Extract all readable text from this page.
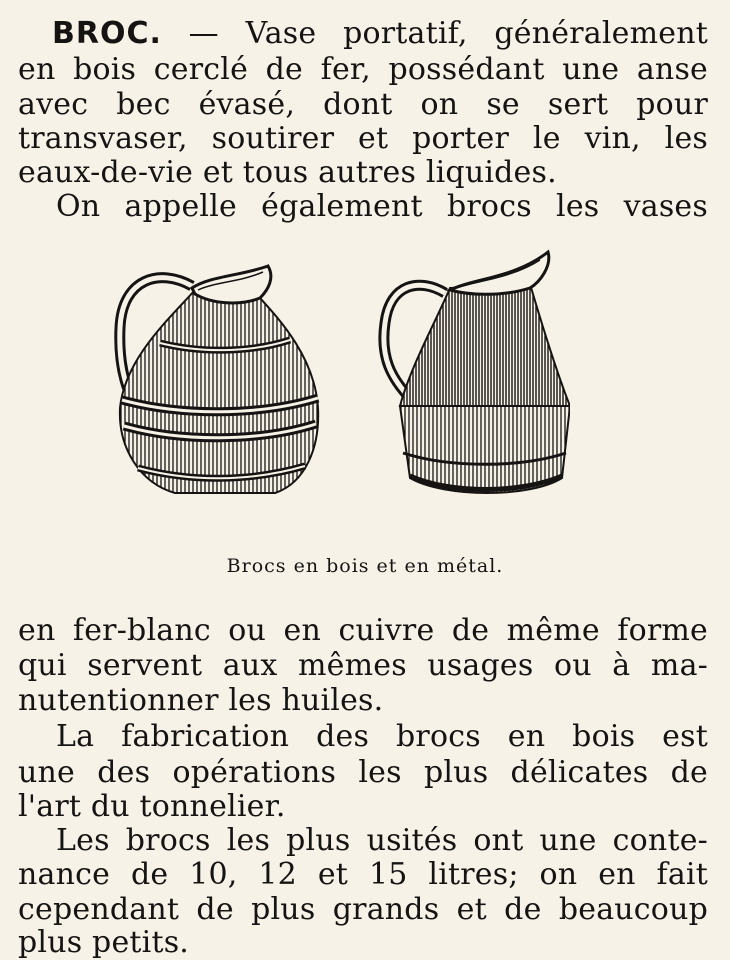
BROC. — Vase portatif, généralement
en bois cerclé de fer, possédant une anse
avec bec évasé, dont on se sert pour
transvaser, soutirer et porter le vin, les
eaux-de-vie et tous autres liquides.
On appelle également brocs les vases
Brocs en bois et en métal.
en fer-blanc ou en cuivre de même forme
qui servent aux mêmes usages ou à ma-
nutentionner les huiles.
La fabrication des brocs en bois est
une des opérations les plus délicates de
l'art du tonnelier.
Les brocs les plus usités ont une conte-
nance de 10, 12 et 15 litres; on en fait
cependant de plus grands et de beaucoup
plus petits.
